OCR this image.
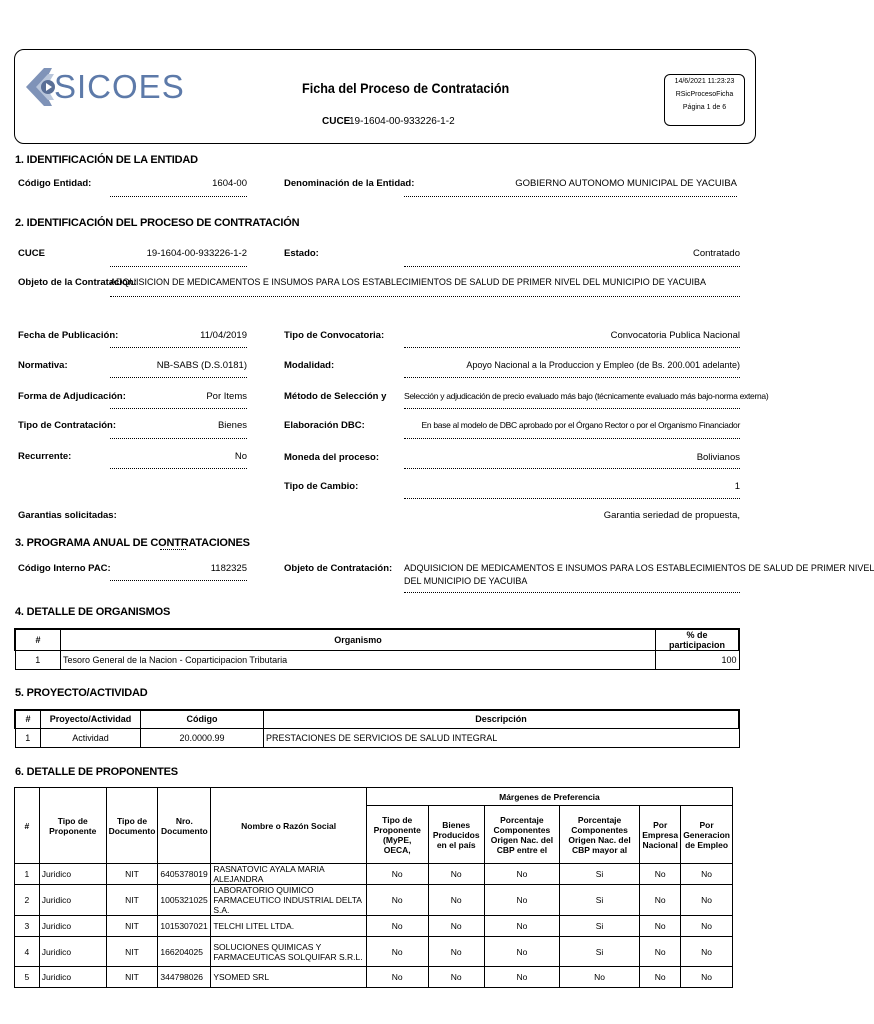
SICOES	Ficha del Proceso de Contratación
CUCE
19-1604-00-933226-1-2
14/6/2021 11:23:23
RSicProcesoFicha
Página 1 de 6
1. IDENTIFICACIÓN DE LA ENTIDAD
Código Entidad:	1604-00	Denominación de la Entidad:	GOBIERNO AUTONOMO MUNICIPAL DE YACUIBA
2. IDENTIFICACIÓN DEL PROCESO DE CONTRATACIÓN
CUCE	19-1604-00-933226-1-2	Estado:	Contratado
Objeto de la Contratación:
ADQUISICION DE MEDICAMENTOS E INSUMOS PARA LOS ESTABLECIMIENTOS DE SALUD DE PRIMER NIVEL DEL MUNICIPIO DE YACUIBA
Fecha de Publicación:	11/04/2019	Tipo de Convocatoria:	Convocatoria Publica Nacional
Normativa:	NB-SABS (D.S.0181)	Modalidad:	Apoyo Nacional a la Produccion y Empleo (de Bs. 200.001 adelante)
Forma de Adjudicación:	Por Items	Método de Selección y Selección y adjudicación de precio evaluado más bajo (técnicamente evaluado más bajo-norma externa)
Tipo de Contratación:	Bienes	Elaboración DBC:	En base al modelo de DBC aprobado por el Órgano Rector o por el Organismo Financiador
Recurrente:	No	Moneda del proceso:	Bolivianos
Tipo de Cambio:	1
Garantias solicitadas:	Garantia seriedad de propuesta,
3. PROGRAMA ANUAL DE CONTRATACIONES
Código Interno PAC:	1182325	Objeto de Contratación: ADQUISICION DE MEDICAMENTOS E INSUMOS PARA LOS ESTABLECIMIENTOS DE SALUD DE PRIMER NIVEL
DEL MUNICIPIO DE YACUIBA
4. DETALLE DE ORGANISMOS
#	Organismo	% de participacion
1	Tesoro General de la Nacion - Coparticipacion Tributaria	100
5. PROYECTO/ACTIVIDAD
#	Proyecto/Actividad	Código	Descripción
1	Actividad	20.0000.99	PRESTACIONES DE SERVICIOS DE SALUD INTEGRAL
6. DETALLE DE PROPONENTES
#	Tipo de Proponente	Tipo de Documento	Nro. Documento	Nombre o Razón Social	Márgenes de Preferencia					
					Tipo de Proponente (MyPE, OECA,	Bienes Producidos en el país	Porcentaje Componentes Origen Nac. del CBP entre el	Porcentaje Componentes Origen Nac. del CBP mayor al	Por Empresa Nacional	Por Generacion de Empleo
1	Juridico	NIT	6405378019	RASNATOVIC AYALA MARIA ALEJANDRA	No	No	No	Si	No	No
2	Juridico	NIT	1005321025	LABORATORIO QUIMICO FARMACEUTICO INDUSTRIAL DELTA S.A.	No	No	No	Si	No	No
3	Juridico	NIT	1015307021	TELCHI LITEL LTDA.	No	No	No	Si	No	No
4	Juridico	NIT	166204025	SOLUCIONES QUIMICAS Y FARMACEUTICAS SOLQUIFAR S.R.L.	No	No	No	Si	No	No
5	Juridico	NIT	344798026	YSOMED SRL	No	No	No	No	No	No
